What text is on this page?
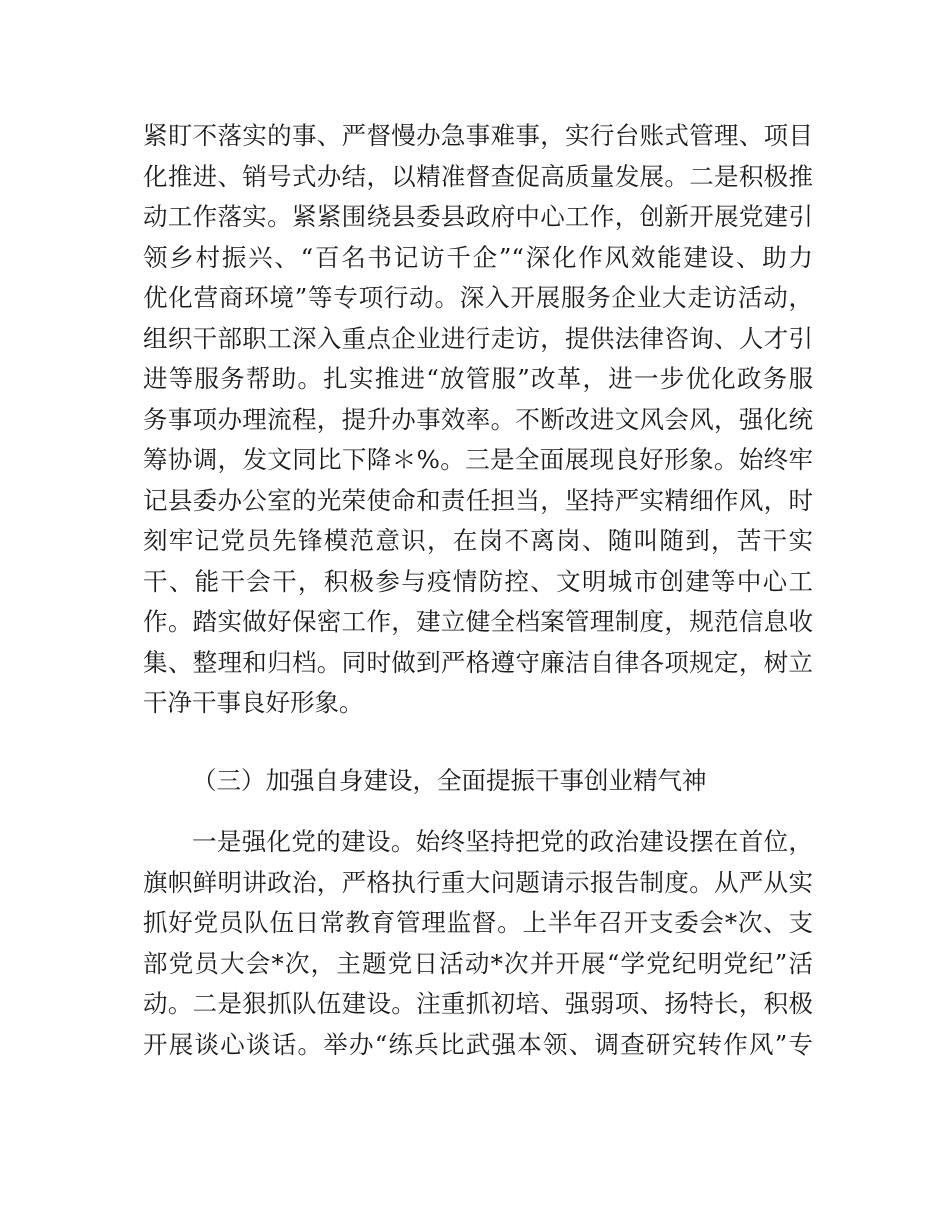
紧盯不落实的事、严督慢办急事难事，实行台账式管理、项目
化推进、销号式办结，以精准督查促高质量发展。二是积极推
动工作落实。紧紧围绕县委县政府中心工作，创新开展党建引
领乡村振兴、“百名书记访千企”“深化作风效能建设、助力
优化营商环境”等专项行动。深入开展服务企业大走访活动，
组织干部职工深入重点企业进行走访，提供法律咨询、人才引
进等服务帮助。扎实推进“放管服”改革，进一步优化政务服
务事项办理流程，提升办事效率。不断改进文风会风，强化统
筹协调，发文同比下降＊%。三是全面展现良好形象。始终牢
记县委办公室的光荣使命和责任担当，坚持严实精细作风，时
刻牢记党员先锋模范意识，在岗不离岗、随叫随到，苦干实
干、能干会干，积极参与疫情防控、文明城市创建等中心工
作。踏实做好保密工作，建立健全档案管理制度，规范信息收
集、整理和归档。同时做到严格遵守廉洁自律各项规定，树立
干净干事良好形象。
（三）加强自身建设，全面提振干事创业精气神
一是强化党的建设。始终坚持把党的政治建设摆在首位，
旗帜鲜明讲政治，严格执行重大问题请示报告制度。从严从实
抓好党员队伍日常教育管理监督。上半年召开支委会*次、支
部党员大会*次，主题党日活动*次并开展“学党纪明党纪”活
动。二是狠抓队伍建设。注重抓初培、强弱项、扬特长，积极
开展谈心谈话。举办“练兵比武强本领、调查研究转作风”专
